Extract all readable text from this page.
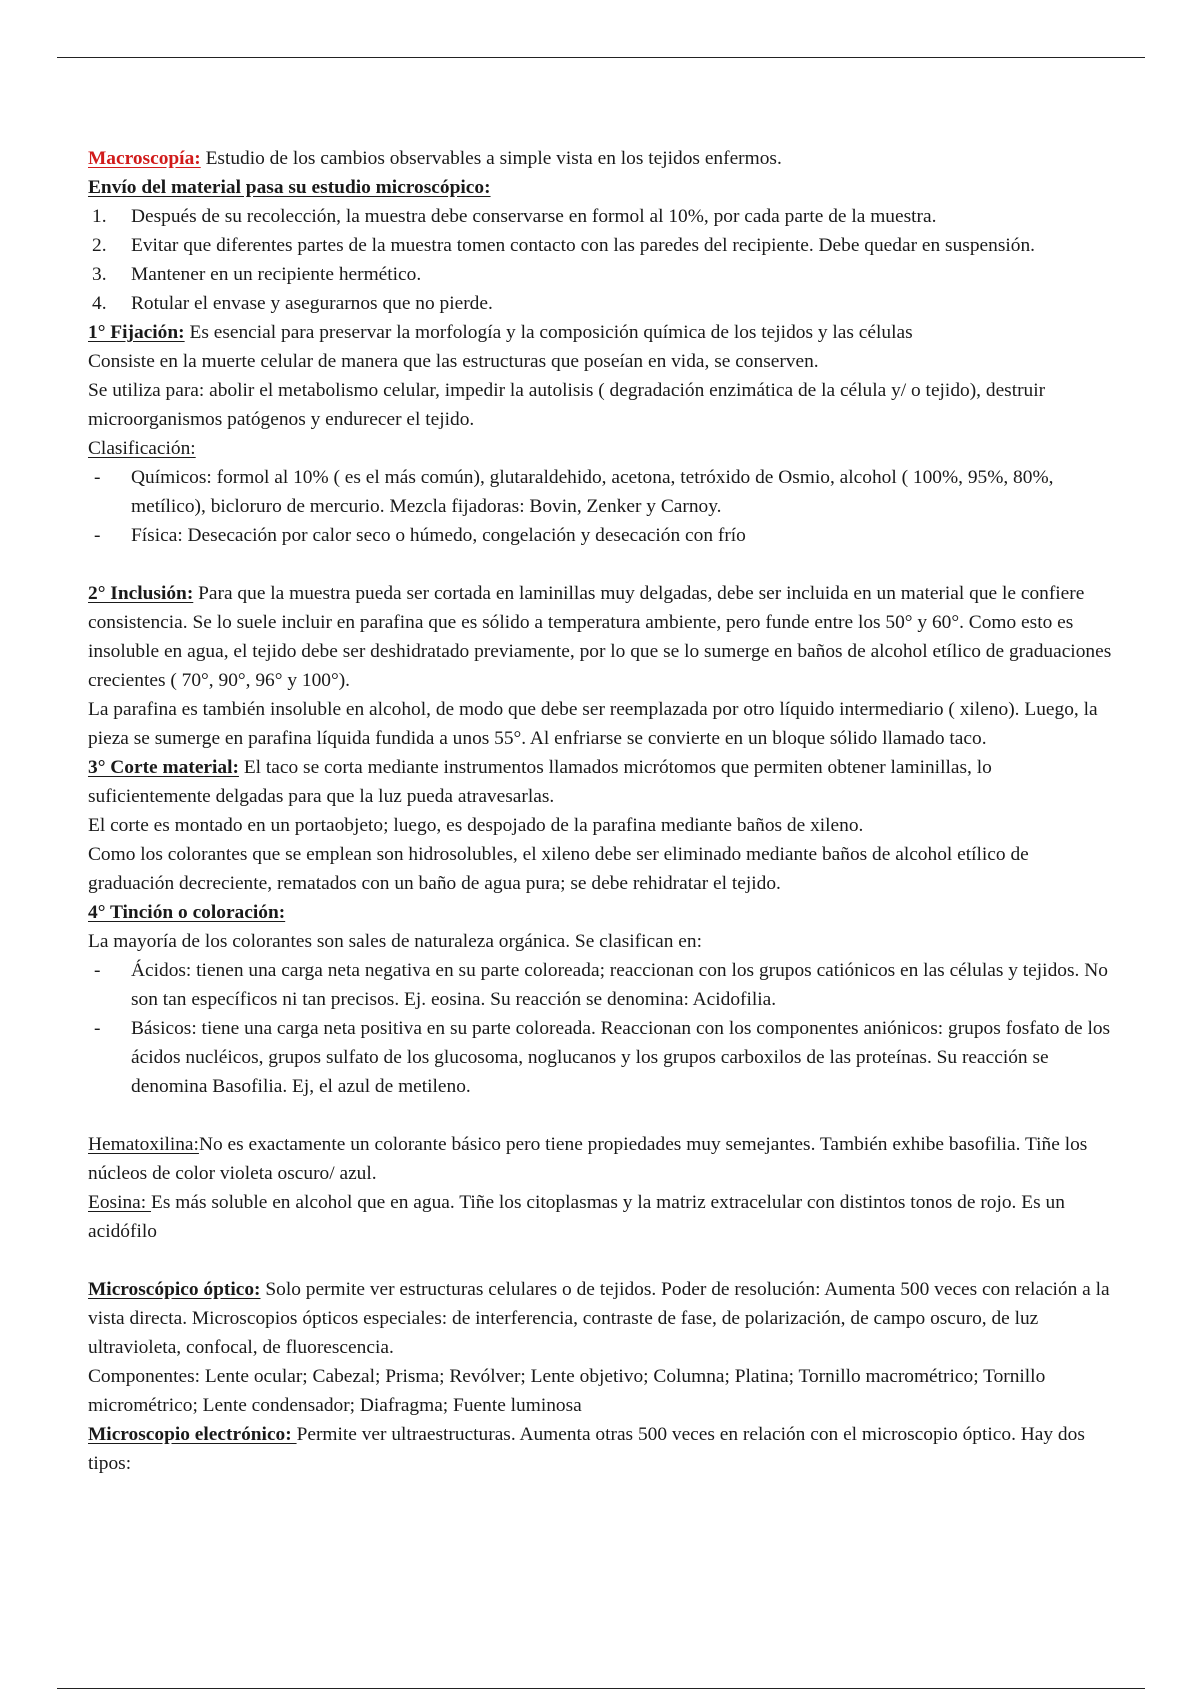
Macroscopía: Estudio de los cambios observables a simple vista en los tejidos enfermos.

Envío del material pasa su estudio microscópico:

1. Después de su recolección, la muestra debe conservarse en formol al 10%, por cada parte de la muestra.
2. Evitar que diferentes partes de la muestra tomen contacto con las paredes del recipiente. Debe quedar en suspensión.
3. Mantener en un recipiente hermético.
4. Rotular el envase y asegurarnos que no pierde.

1° Fijación: Es esencial para preservar la morfología y la composición química de los tejidos y las células

Consiste en la muerte celular de manera que las estructuras que poseían en vida, se conserven.

Se utiliza para: abolir el metabolismo celular, impedir la autolisis ( degradación enzimática de la célula y/ o tejido), destruir microorganismos patógenos y endurecer el tejido.

Clasificación:

- Químicos: formol al 10% ( es el más común), glutaraldehido, acetona, tetróxido de Osmio, alcohol ( 100%, 95%, 80%, metílico), bicloruro de mercurio. Mezcla fijadoras: Bovin, Zenker y Carnoy.
- Física: Desecación por calor seco o húmedo, congelación y desecación con frío

2° Inclusión: Para que la muestra pueda ser cortada en laminillas muy delgadas, debe ser incluida en un material que le confiere consistencia. Se lo suele incluir en parafina que es sólido a temperatura ambiente, pero funde entre los 50° y 60°. Como esto es insoluble en agua, el tejido debe ser deshidratado previamente, por lo que se lo sumerge en baños de alcohol etílico de graduaciones crecientes ( 70°, 90°, 96° y 100°).

La parafina es también insoluble en alcohol, de modo que debe ser reemplazada por otro líquido intermediario ( xileno). Luego, la pieza se sumerge en parafina líquida fundida a unos 55°. Al enfriarse se convierte en un bloque sólido llamado taco.

3° Corte material: El taco se corta mediante instrumentos llamados micrótomos que permiten obtener laminillas, lo suficientemente delgadas para que la luz pueda atravesarlas.

El corte es montado en un portaobjeto; luego, es despojado de la parafina mediante baños de xileno.

Como los colorantes que se emplean son hidrosolubles, el xileno debe ser eliminado mediante baños de alcohol etílico de graduación decreciente, rematados con un baño de agua pura; se debe rehidratar el tejido.

4° Tinción o coloración:

La mayoría de los colorantes son sales de naturaleza orgánica. Se clasifican en:

- Ácidos: tienen una carga neta negativa en su parte coloreada; reaccionan con los grupos catiónicos en las células y tejidos. No son tan específicos ni tan precisos. Ej. eosina. Su reacción se denomina: Acidofilia.
- Básicos: tiene una carga neta positiva en su parte coloreada. Reaccionan con los componentes aniónicos: grupos fosfato de los ácidos nucléicos, grupos sulfato de los glucosoma, noglucanos y los grupos carboxilos de las proteínas. Su reacción se denomina Basofilia. Ej, el azul de metileno.

Hematoxilina:No es exactamente un colorante básico pero tiene propiedades muy semejantes. También exhibe basofilia. Tiñe los núcleos de color violeta oscuro/ azul.

Eosina: Es más soluble en alcohol que en agua. Tiñe los citoplasmas y la matriz extracelular con distintos tonos de rojo. Es un acidófilo

Microscópico óptico: Solo permite ver estructuras celulares o de tejidos. Poder de resolución: Aumenta 500 veces con relación a la vista directa. Microscopios ópticos especiales: de interferencia, contraste de fase, de polarización, de campo oscuro, de luz ultravioleta, confocal, de fluorescencia.

Componentes: Lente ocular; Cabezal; Prisma; Revólver; Lente objetivo; Columna; Platina; Tornillo macrométrico; Tornillo micrométrico; Lente condensador; Diafragma; Fuente luminosa

Microscopio electrónico: Permite ver ultraestructuras. Aumenta otras 500 veces en relación con el microscopio óptico. Hay dos tipos:
